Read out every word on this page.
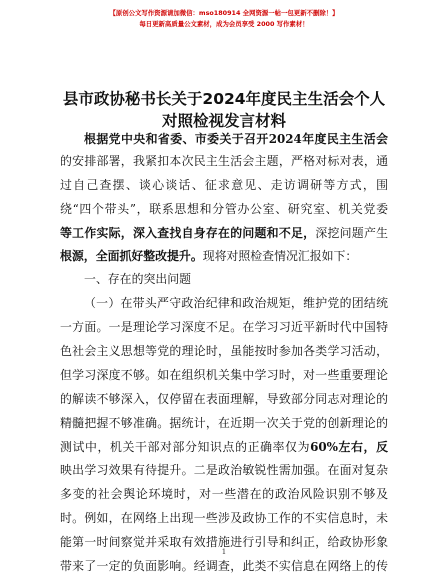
【原创公文写作资源请加微信：mso180914 全网资源一帖一包更新不删除！】
每日更新高质量公文素材，成为会员享受 2000 写作素材！
县市政协秘书长关于2024年度民主生活会个人
对照检视发言材料
根据党中央和省委、市委关于召开2024年度民主生活会
的安排部署，我紧扣本次民主生活会主题，严格对标对表，通
过自己查摆、谈心谈话、征求意见、走访调研等方式，围
绕“四个带头”，联系思想和分管办公室、研究室、机关党委
等工作实际，深入查找自身存在的问题和不足，深挖问题产生
根源，全面抓好整改提升。现将对照检查情况汇报如下：
一、存在的突出问题
（一）在带头严守政治纪律和政治规矩，维护党的团结统
一方面。一是理论学习深度不足。在学习习近平新时代中国特
色社会主义思想等党的理论时，虽能按时参加各类学习活动，
但学习深度不够。如在组织机关集中学习时，对一些重要理论
的解读不够深入，仅停留在表面理解，导致部分同志对理论的
精髓把握不够准确。据统计，在近期一次关于党的创新理论的
测试中，机关干部对部分知识点的正确率仅为60%左右，反
映出学习效果有待提升。二是政治敏锐性需加强。在面对复杂
多变的社会舆论环境时，对一些潜在的政治风险识别不够及
时。例如，在网络上出现一些涉及政协工作的不实信息时，未
能第一时间察觉并采取有效措施进行引导和纠正，给政协形象
带来了一定的负面影响。经调查，此类不实信息在网络上的传
1
